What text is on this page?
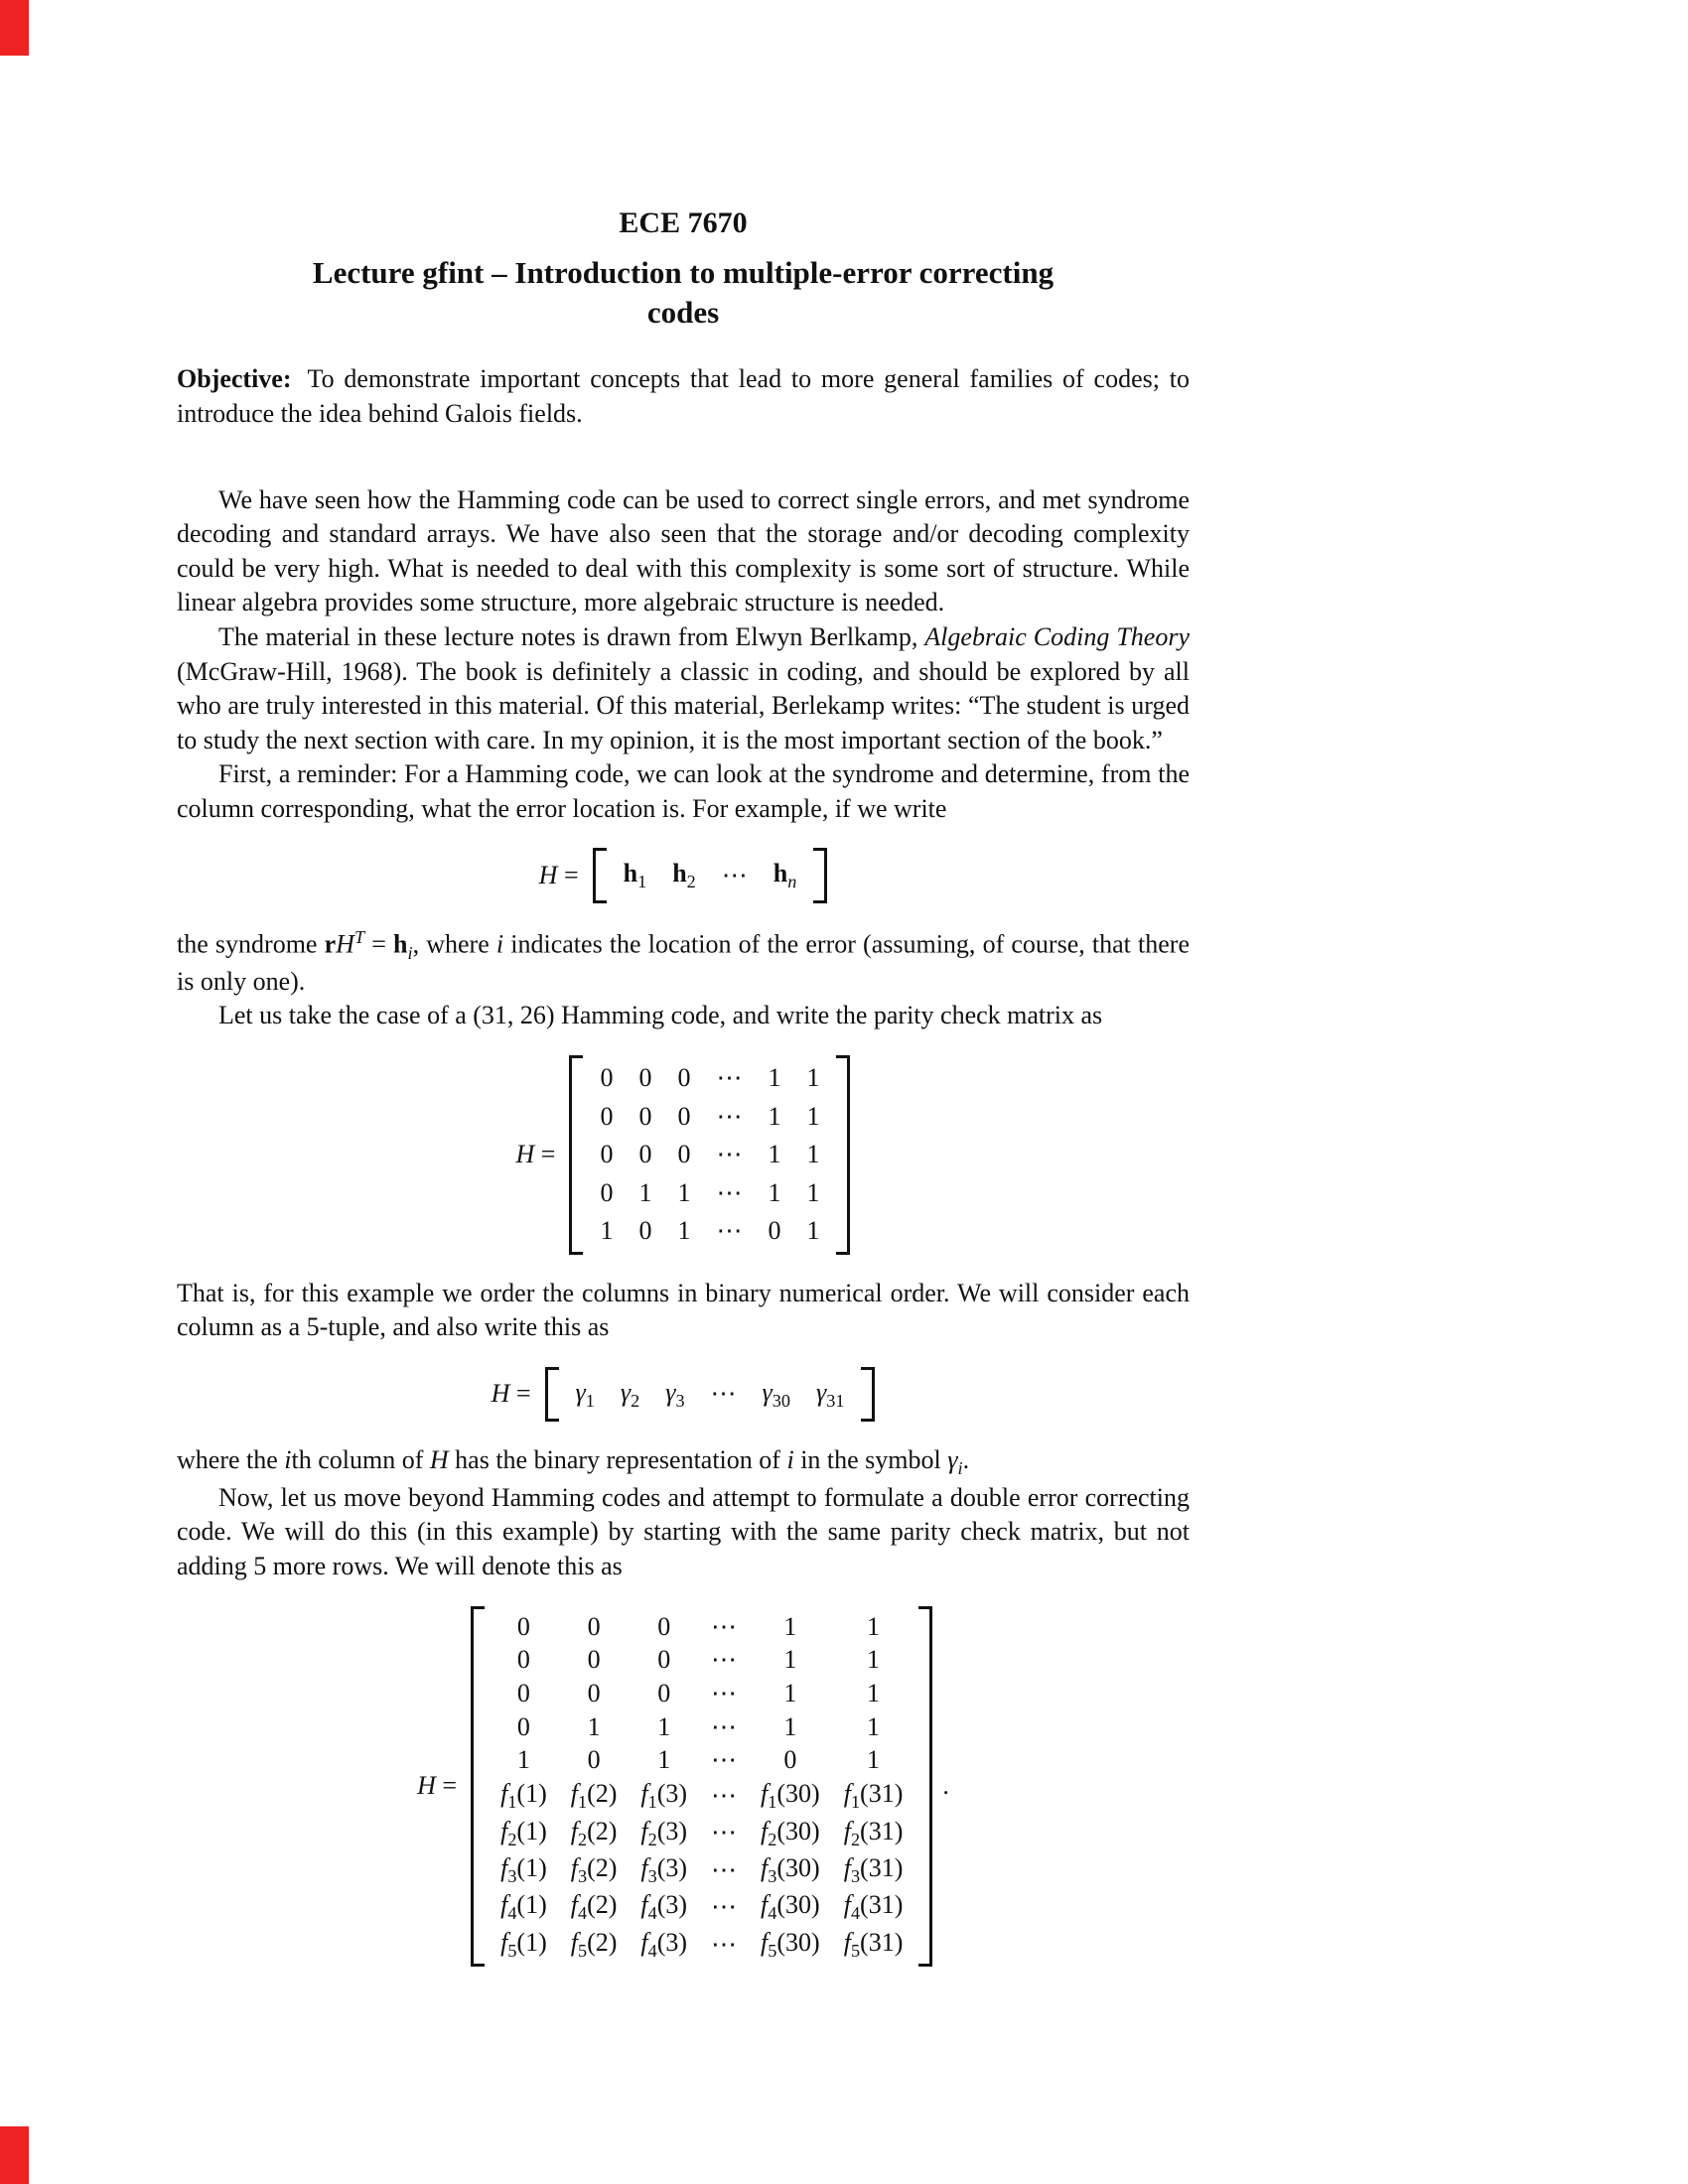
ECE 7670
Lecture gfint – Introduction to multiple-error correcting
codes

Objective: To demonstrate important concepts that lead to more general families of codes; to introduce the idea behind Galois fields.

We have seen how the Hamming code can be used to correct single errors, and met syndrome decoding and standard arrays. We have also seen that the storage and/or decoding complexity could be very high. What is needed to deal with this complexity is some sort of structure. While linear algebra provides some structure, more algebraic structure is needed.

The material in these lecture notes is drawn from Elwyn Berlkamp, Algebraic Coding Theory (McGraw-Hill, 1968). The book is definitely a classic in coding, and should be explored by all who are truly interested in this material. Of this material, Berlekamp writes: “The student is urged to study the next section with care. In my opinion, it is the most important section of the book.”

First, a reminder: For a Hamming code, we can look at the syndrome and determine, from the column corresponding, what the error location is. For example, if we write

H =	$h_1$	$h_2$	⋯	$h_n$

the syndrome $rH^T = h_i$, where i indicates the location of the error (assuming, of course, that there is only one).

Let us take the case of a (31, 26) Hamming code, and write the parity check matrix as

H =
0	0	0	⋯	1	1
0	0	0	⋯	1	1
0	0	0	⋯	1	1
0	1	1	⋯	1	1
1	0	1	⋯	0	1

That is, for this example we order the columns in binary numerical order. We will consider each column as a 5-tuple, and also write this as

H =	$\gamma_1$	$\gamma_2$	$\gamma_3$	⋯	$\gamma_{30}$	$\gamma_{31}$

where the ith column of H has the binary representation of i in the symbol $\gamma_i$.

Now, let us move beyond Hamming codes and attempt to formulate a double error correcting code. We will do this (in this example) by starting with the same parity check matrix, but not adding 5 more rows. We will denote this as

H =
0	0	0	⋯	1	1
0	0	0	⋯	1	1
0	0	0	⋯	1	1
0	1	1	⋯	1	1
1	0	1	⋯	0	1
$f_1(1)$ $f_1(2)$ $f_1(3)$ ⋯ $f_1(30)$ $f_1(31)$
$f_2(1)$ $f_2(2)$ $f_2(3)$ ⋯ $f_2(30)$ $f_2(31)$
$f_3(1)$ $f_3(2)$ $f_3(3)$ ⋯ $f_3(30)$ $f_3(31)$
$f_4(1)$ $f_4(2)$ $f_4(3)$ ⋯ $f_4(30)$ $f_4(31)$
$f_5(1)$ $f_5(2)$ $f_4(3)$ ⋯ $f_5(30)$ $f_5(31)$
.
